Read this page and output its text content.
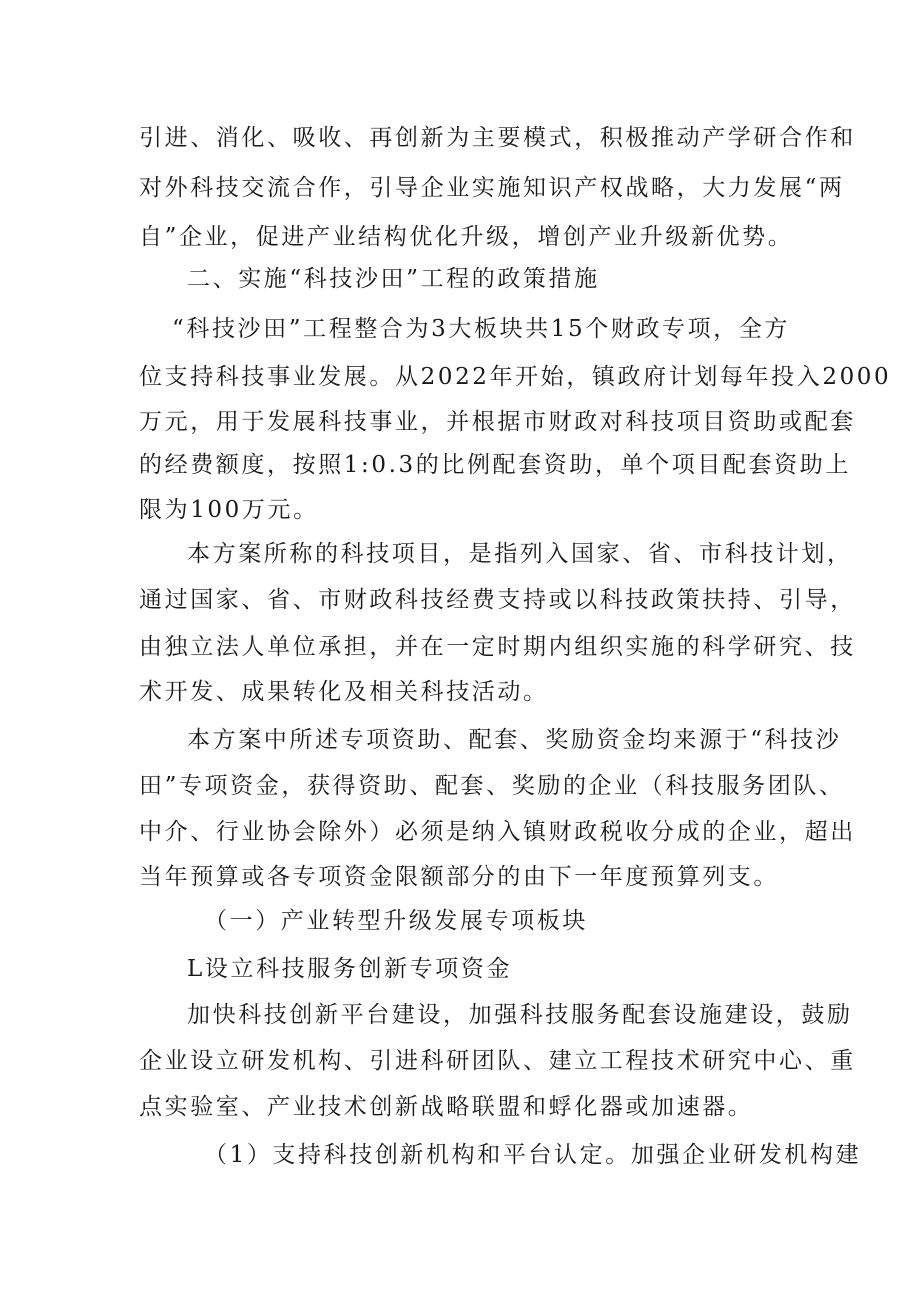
引进、消化、吸收、再创新为主要模式，积极推动产学研合作和
对外科技交流合作，引导企业实施知识产权战略，大力发展“两
自”企业，促进产业结构优化升级，增创产业升级新优势。
二、实施“科技沙田”工程的政策措施
“科技沙田”工程整合为3大板块共15个财政专项，全方
位支持科技事业发展。从2022年开始，镇政府计划每年投入2000
万元，用于发展科技事业，并根据市财政对科技项目资助或配套
的经费额度，按照1:0.3的比例配套资助，单个项目配套资助上
限为100万元。
本方案所称的科技项目，是指列入国家、省、市科技计划，
通过国家、省、市财政科技经费支持或以科技政策扶持、引导，
由独立法人单位承担，并在一定时期内组织实施的科学研究、技
术开发、成果转化及相关科技活动。
本方案中所述专项资助、配套、奖励资金均来源于“科技沙
田”专项资金，获得资助、配套、奖励的企业（科技服务团队、
中介、行业协会除外）必须是纳入镇财政税收分成的企业，超出
当年预算或各专项资金限额部分的由下一年度预算列支。
（一）产业转型升级发展专项板块
L设立科技服务创新专项资金
加快科技创新平台建设，加强科技服务配套设施建设，鼓励
企业设立研发机构、引进科研团队、建立工程技术研究中心、重
点实验室、产业技术创新战略联盟和蜉化器或加速器。
（1）支持科技创新机构和平台认定。加强企业研发机构建
